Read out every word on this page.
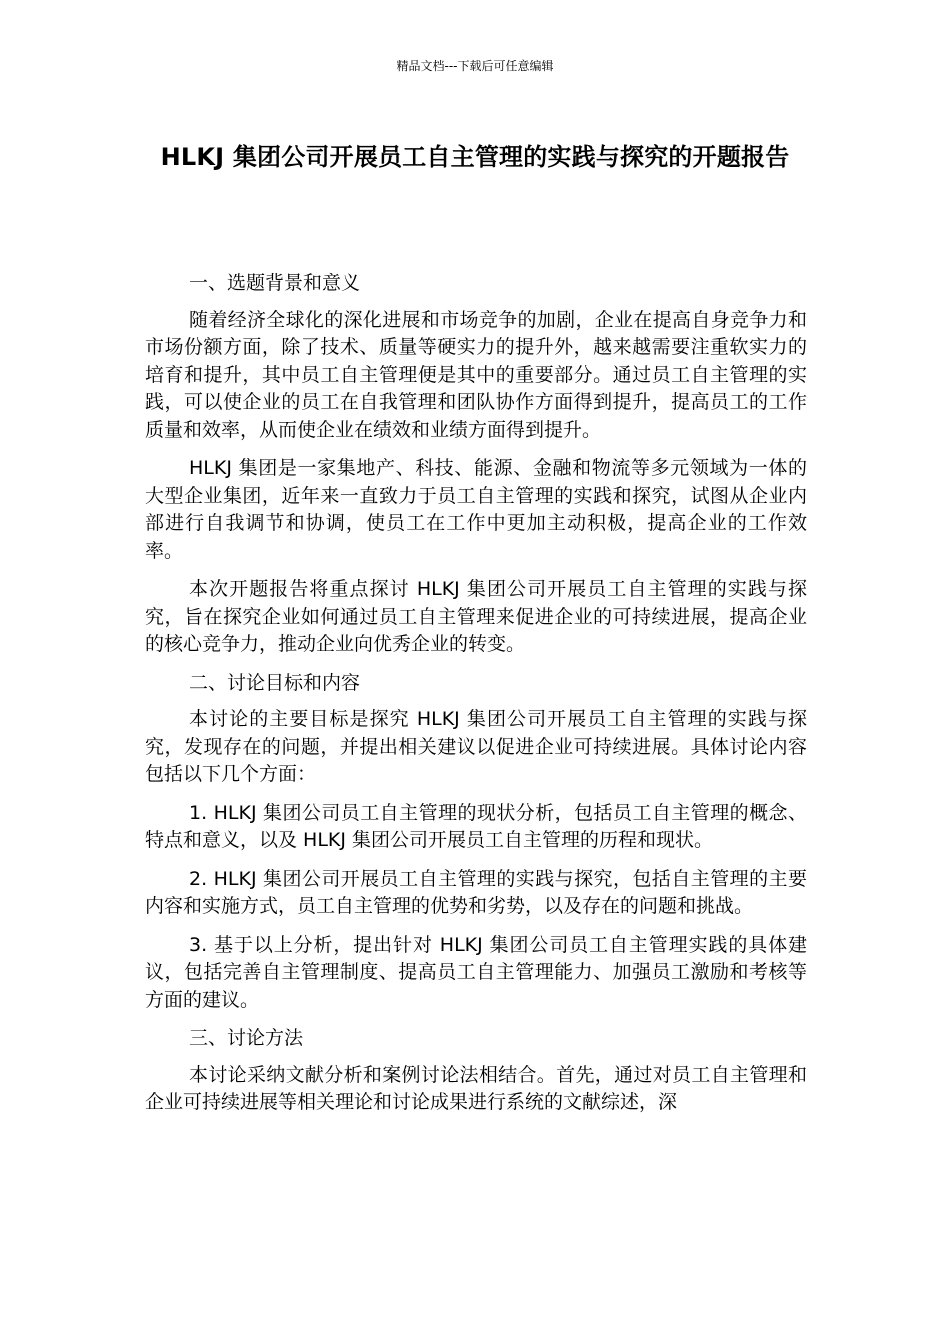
精品文档---下载后可任意编辑
HLKJ 集团公司开展员工自主管理的实践与探究的开题报告

一、选题背景和意义

随着经济全球化的深化进展和市场竞争的加剧，企业在提高自身竞争力和市场份额方面，除了技术、质量等硬实力的提升外，越来越需要注重软实力的培育和提升，其中员工自主管理便是其中的重要部分。通过员工自主管理的实践，可以使企业的员工在自我管理和团队协作方面得到提升，提高员工的工作质量和效率，从而使企业在绩效和业绩方面得到提升。

HLKJ 集团是一家集地产、科技、能源、金融和物流等多元领域为一体的大型企业集团，近年来一直致力于员工自主管理的实践和探究，试图从企业内部进行自我调节和协调，使员工在工作中更加主动积极，提高企业的工作效率。

本次开题报告将重点探讨 HLKJ 集团公司开展员工自主管理的实践与探究，旨在探究企业如何通过员工自主管理来促进企业的可持续进展，提高企业的核心竞争力，推动企业向优秀企业的转变。

二、讨论目标和内容

本讨论的主要目标是探究 HLKJ 集团公司开展员工自主管理的实践与探究，发现存在的问题，并提出相关建议以促进企业可持续进展。具体讨论内容包括以下几个方面：

1. HLKJ 集团公司员工自主管理的现状分析，包括员工自主管理的概念、特点和意义，以及 HLKJ 集团公司开展员工自主管理的历程和现状。

2. HLKJ 集团公司开展员工自主管理的实践与探究，包括自主管理的主要内容和实施方式，员工自主管理的优势和劣势，以及存在的问题和挑战。

3. 基于以上分析，提出针对 HLKJ 集团公司员工自主管理实践的具体建议，包括完善自主管理制度、提高员工自主管理能力、加强员工激励和考核等方面的建议。

三、讨论方法

本讨论采纳文献分析和案例讨论法相结合。首先，通过对员工自主管理和企业可持续进展等相关理论和讨论成果进行系统的文献综述，深
